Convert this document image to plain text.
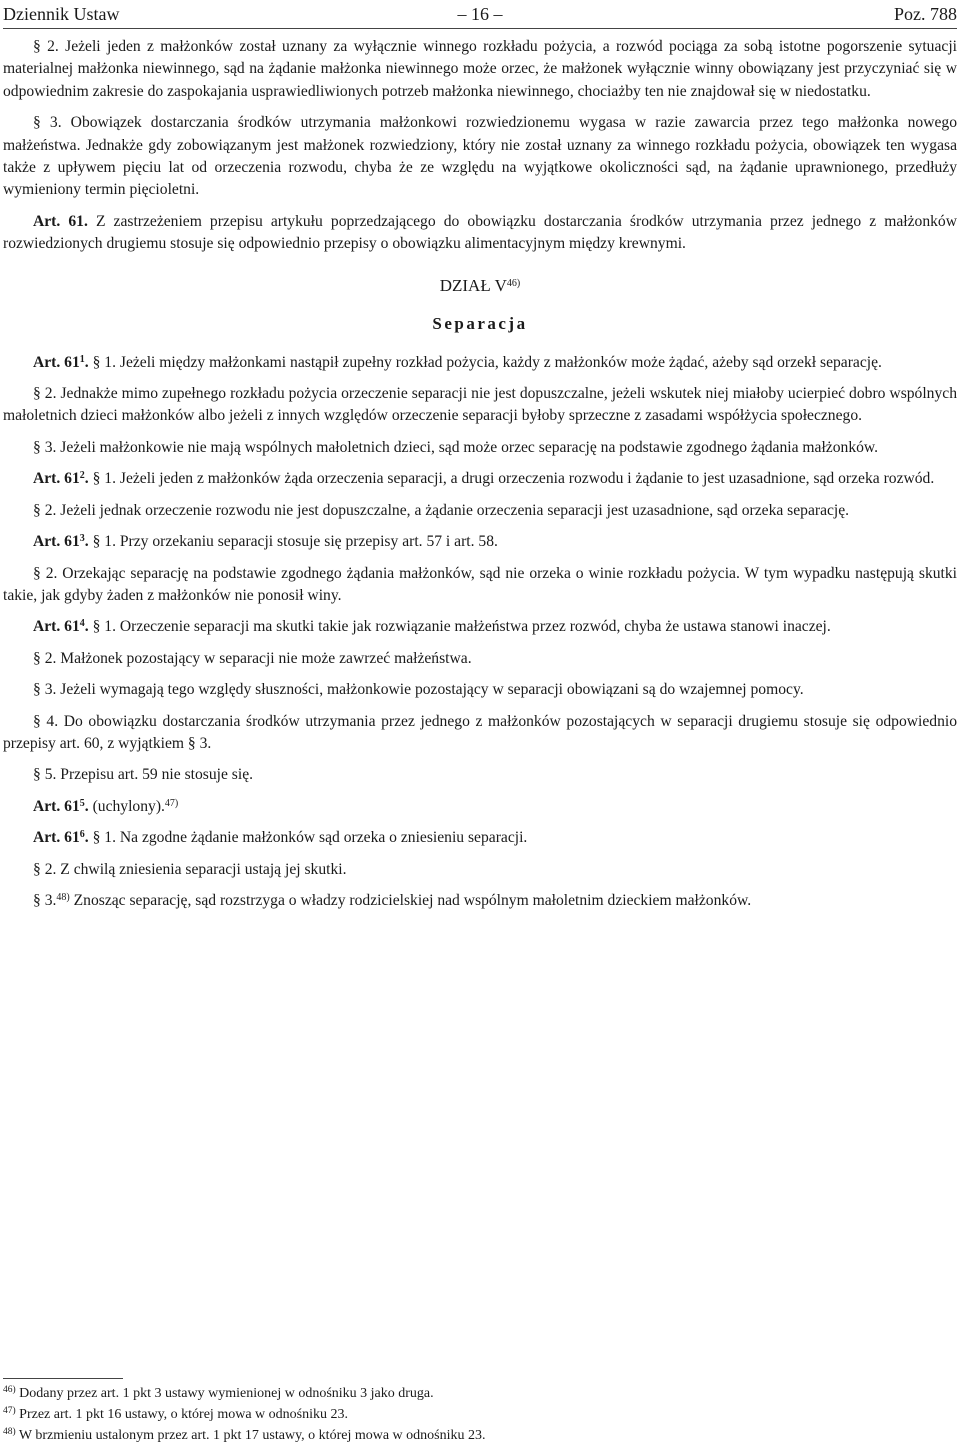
Dziennik Ustaw	– 16 –	Poz. 788

§ 2. Jeżeli jeden z małżonków został uznany za wyłącznie winnego rozkładu pożycia, a rozwód pociąga za sobą istotne pogorszenie sytuacji materialnej małżonka niewinnego, sąd na żądanie małżonka niewinnego może orzec, że małżonek wyłącznie winny obowiązany jest przyczyniać się w odpowiednim zakresie do zaspokajania usprawiedliwionych potrzeb małżonka niewinnego, chociażby ten nie znajdował się w niedostatku.

§ 3. Obowiązek dostarczania środków utrzymania małżonkowi rozwiedzionemu wygasa w razie zawarcia przez tego małżonka nowego małżeństwa. Jednakże gdy zobowiązanym jest małżonek rozwiedziony, który nie został uznany za winnego rozkładu pożycia, obowiązek ten wygasa także z upływem pięciu lat od orzeczenia rozwodu, chyba że ze względu na wyjątkowe okoliczności sąd, na żądanie uprawnionego, przedłuży wymieniony termin pięcioletni.

Art. 61. Z zastrzeżeniem przepisu artykułu poprzedzającego do obowiązku dostarczania środków utrzymania przez jednego z małżonków rozwiedzionych drugiemu stosuje się odpowiednio przepisy o obowiązku alimentacyjnym między krewnymi.

DZIAŁ $V^{46)}$
Separacja

Art. $61^1$. § 1. Jeżeli między małżonkami nastąpił zupełny rozkład pożycia, każdy z małżonków może żądać, ażeby sąd orzekł separację.

§ 2. Jednakże mimo zupełnego rozkładu pożycia orzeczenie separacji nie jest dopuszczalne, jeżeli wskutek niej miałoby ucierpieć dobro wspólnych małoletnich dzieci małżonków albo jeżeli z innych względów orzeczenie separacji byłoby sprzeczne z zasadami współżycia społecznego.

§ 3. Jeżeli małżonkowie nie mają wspólnych małoletnich dzieci, sąd może orzec separację na podstawie zgodnego żądania małżonków.

Art. $61^2$. § 1. Jeżeli jeden z małżonków żąda orzeczenia separacji, a drugi orzeczenia rozwodu i żądanie to jest uzasadnione, sąd orzeka rozwód.

§ 2. Jeżeli jednak orzeczenie rozwodu nie jest dopuszczalne, a żądanie orzeczenia separacji jest uzasadnione, sąd orzeka separację.

Art. $61^3$. § 1. Przy orzekaniu separacji stosuje się przepisy art. 57 i art. 58.

§ 2. Orzekając separację na podstawie zgodnego żądania małżonków, sąd nie orzeka o winie rozkładu pożycia. W tym wypadku następują skutki takie, jak gdyby żaden z małżonków nie ponosił winy.

Art. $61^4$. § 1. Orzeczenie separacji ma skutki takie jak rozwiązanie małżeństwa przez rozwód, chyba że ustawa stanowi inaczej.

§ 2. Małżonek pozostający w separacji nie może zawrzeć małżeństwa.

§ 3. Jeżeli wymagają tego względy słuszności, małżonkowie pozostający w separacji obowiązani są do wzajemnej pomocy.

§ 4. Do obowiązku dostarczania środków utrzymania przez jednego z małżonków pozostających w separacji drugiemu stosuje się odpowiednio przepisy art. 60, z wyjątkiem § 3.

§ 5. Przepisu art. 59 nie stosuje się.

Art. $61^5$. (uchylony).$^{47)}$

Art. $61^6$. § 1. Na zgodne żądanie małżonków sąd orzeka o zniesieniu separacji.

§ 2. Z chwilą zniesienia separacji ustają jej skutki.

§ 3.$^{48)}$ Znosząc separację, sąd rozstrzyga o władzy rodzicielskiej nad wspólnym małoletnim dzieckiem małżonków.

$^{46)}$ Dodany przez art. 1 pkt 3 ustawy wymienionej w odnośniku 3 jako druga.

$^{47)}$ Przez art. 1 pkt 16 ustawy, o której mowa w odnośniku 23.

$^{48)}$ W brzmieniu ustalonym przez art. 1 pkt 17 ustawy, o której mowa w odnośniku 23.
